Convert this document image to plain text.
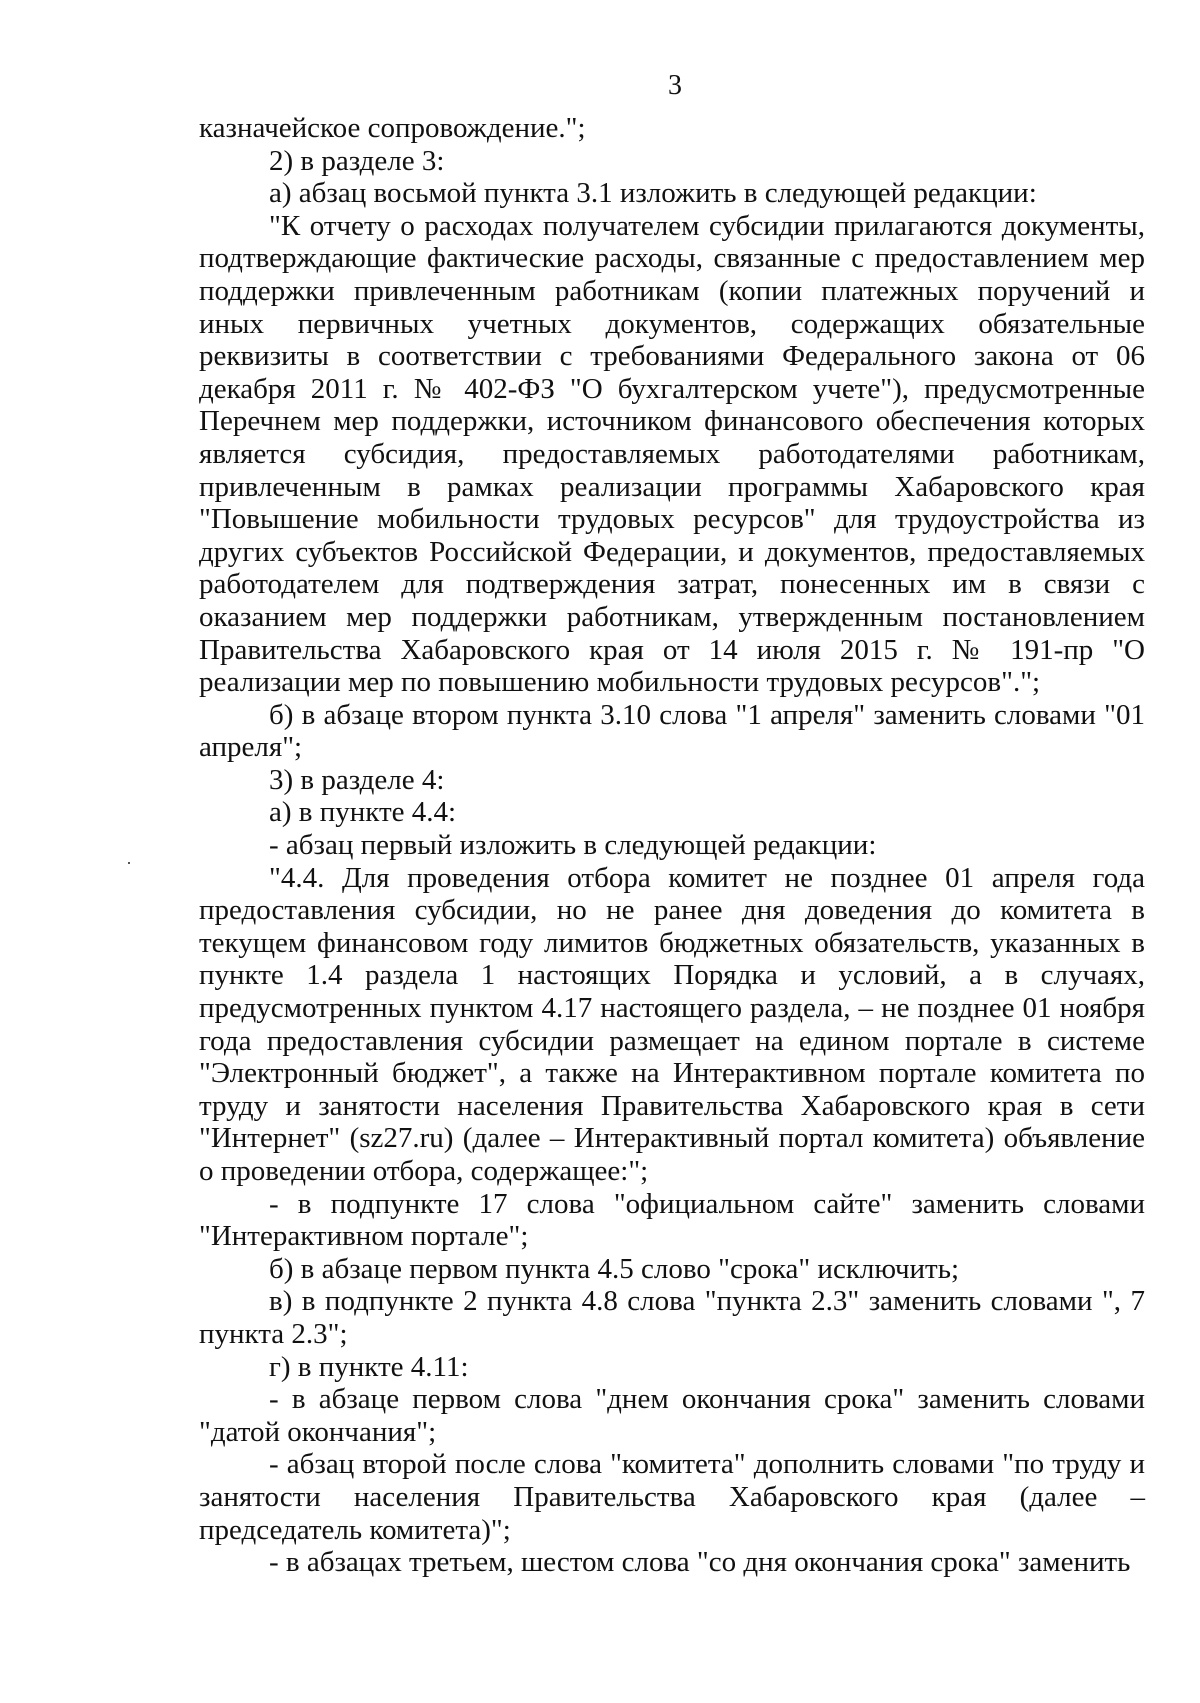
3

казначейское сопровождение.";

2) в разделе 3:

а) абзац восьмой пункта 3.1 изложить в следующей редакции:

"К отчету о расходах получателем субсидии прилагаются документы, подтверждающие фактические расходы, связанные с предоставлением мер поддержки привлеченным работникам (копии платежных поручений и иных первичных учетных документов, содержащих обязательные реквизиты в соответствии с требованиями Федерального закона от 06 декабря 2011 г. № 402-ФЗ "О бухгалтерском учете"), предусмотренные Перечнем мер поддержки, источником финансового обеспечения которых является субсидия, предоставляемых работодателями работникам, привлеченным в рамках реализации программы Хабаровского края "Повышение мобильности трудовых ресурсов" для трудоустройства из других субъектов Российской Федерации, и документов, предоставляемых работодателем для подтверждения затрат, понесенных им в связи с оказанием мер поддержки работникам, утвержденным постановлением Правительства Хабаровского края от 14 июля 2015 г. № 191-пр "О реализации мер по повышению мобильности трудовых ресурсов".";

б) в абзаце втором пункта 3.10 слова "1 апреля" заменить словами "01 апреля";

3) в разделе 4:

а) в пункте 4.4:

- абзац первый изложить в следующей редакции:

"4.4. Для проведения отбора комитет не позднее 01 апреля года предоставления субсидии, но не ранее дня доведения до комитета в текущем финансовом году лимитов бюджетных обязательств, указанных в пункте 1.4 раздела 1 настоящих Порядка и условий, а в случаях, предусмотренных пунктом 4.17 настоящего раздела, – не позднее 01 ноября года предоставления субсидии размещает на едином портале в системе "Электронный бюджет", а также на Интерактивном портале комитета по труду и занятости населения Правительства Хабаровского края в сети "Интернет" (sz27.ru) (далее – Интерактивный портал комитета) объявление о проведении отбора, содержащее:";

- в подпункте 17 слова "официальном сайте" заменить словами "Интерактивном портале";

б) в абзаце первом пункта 4.5 слово "срока" исключить;

в) в подпункте 2 пункта 4.8 слова "пункта 2.3" заменить словами ", 7 пункта 2.3";

г) в пункте 4.11:

- в абзаце первом слова "днем окончания срока" заменить словами "датой окончания";

- абзац второй после слова "комитета" дополнить словами "по труду и занятости населения Правительства Хабаровского края (далее – председатель комитета)";

- в абзацах третьем, шестом слова "со дня окончания срока" заменить
